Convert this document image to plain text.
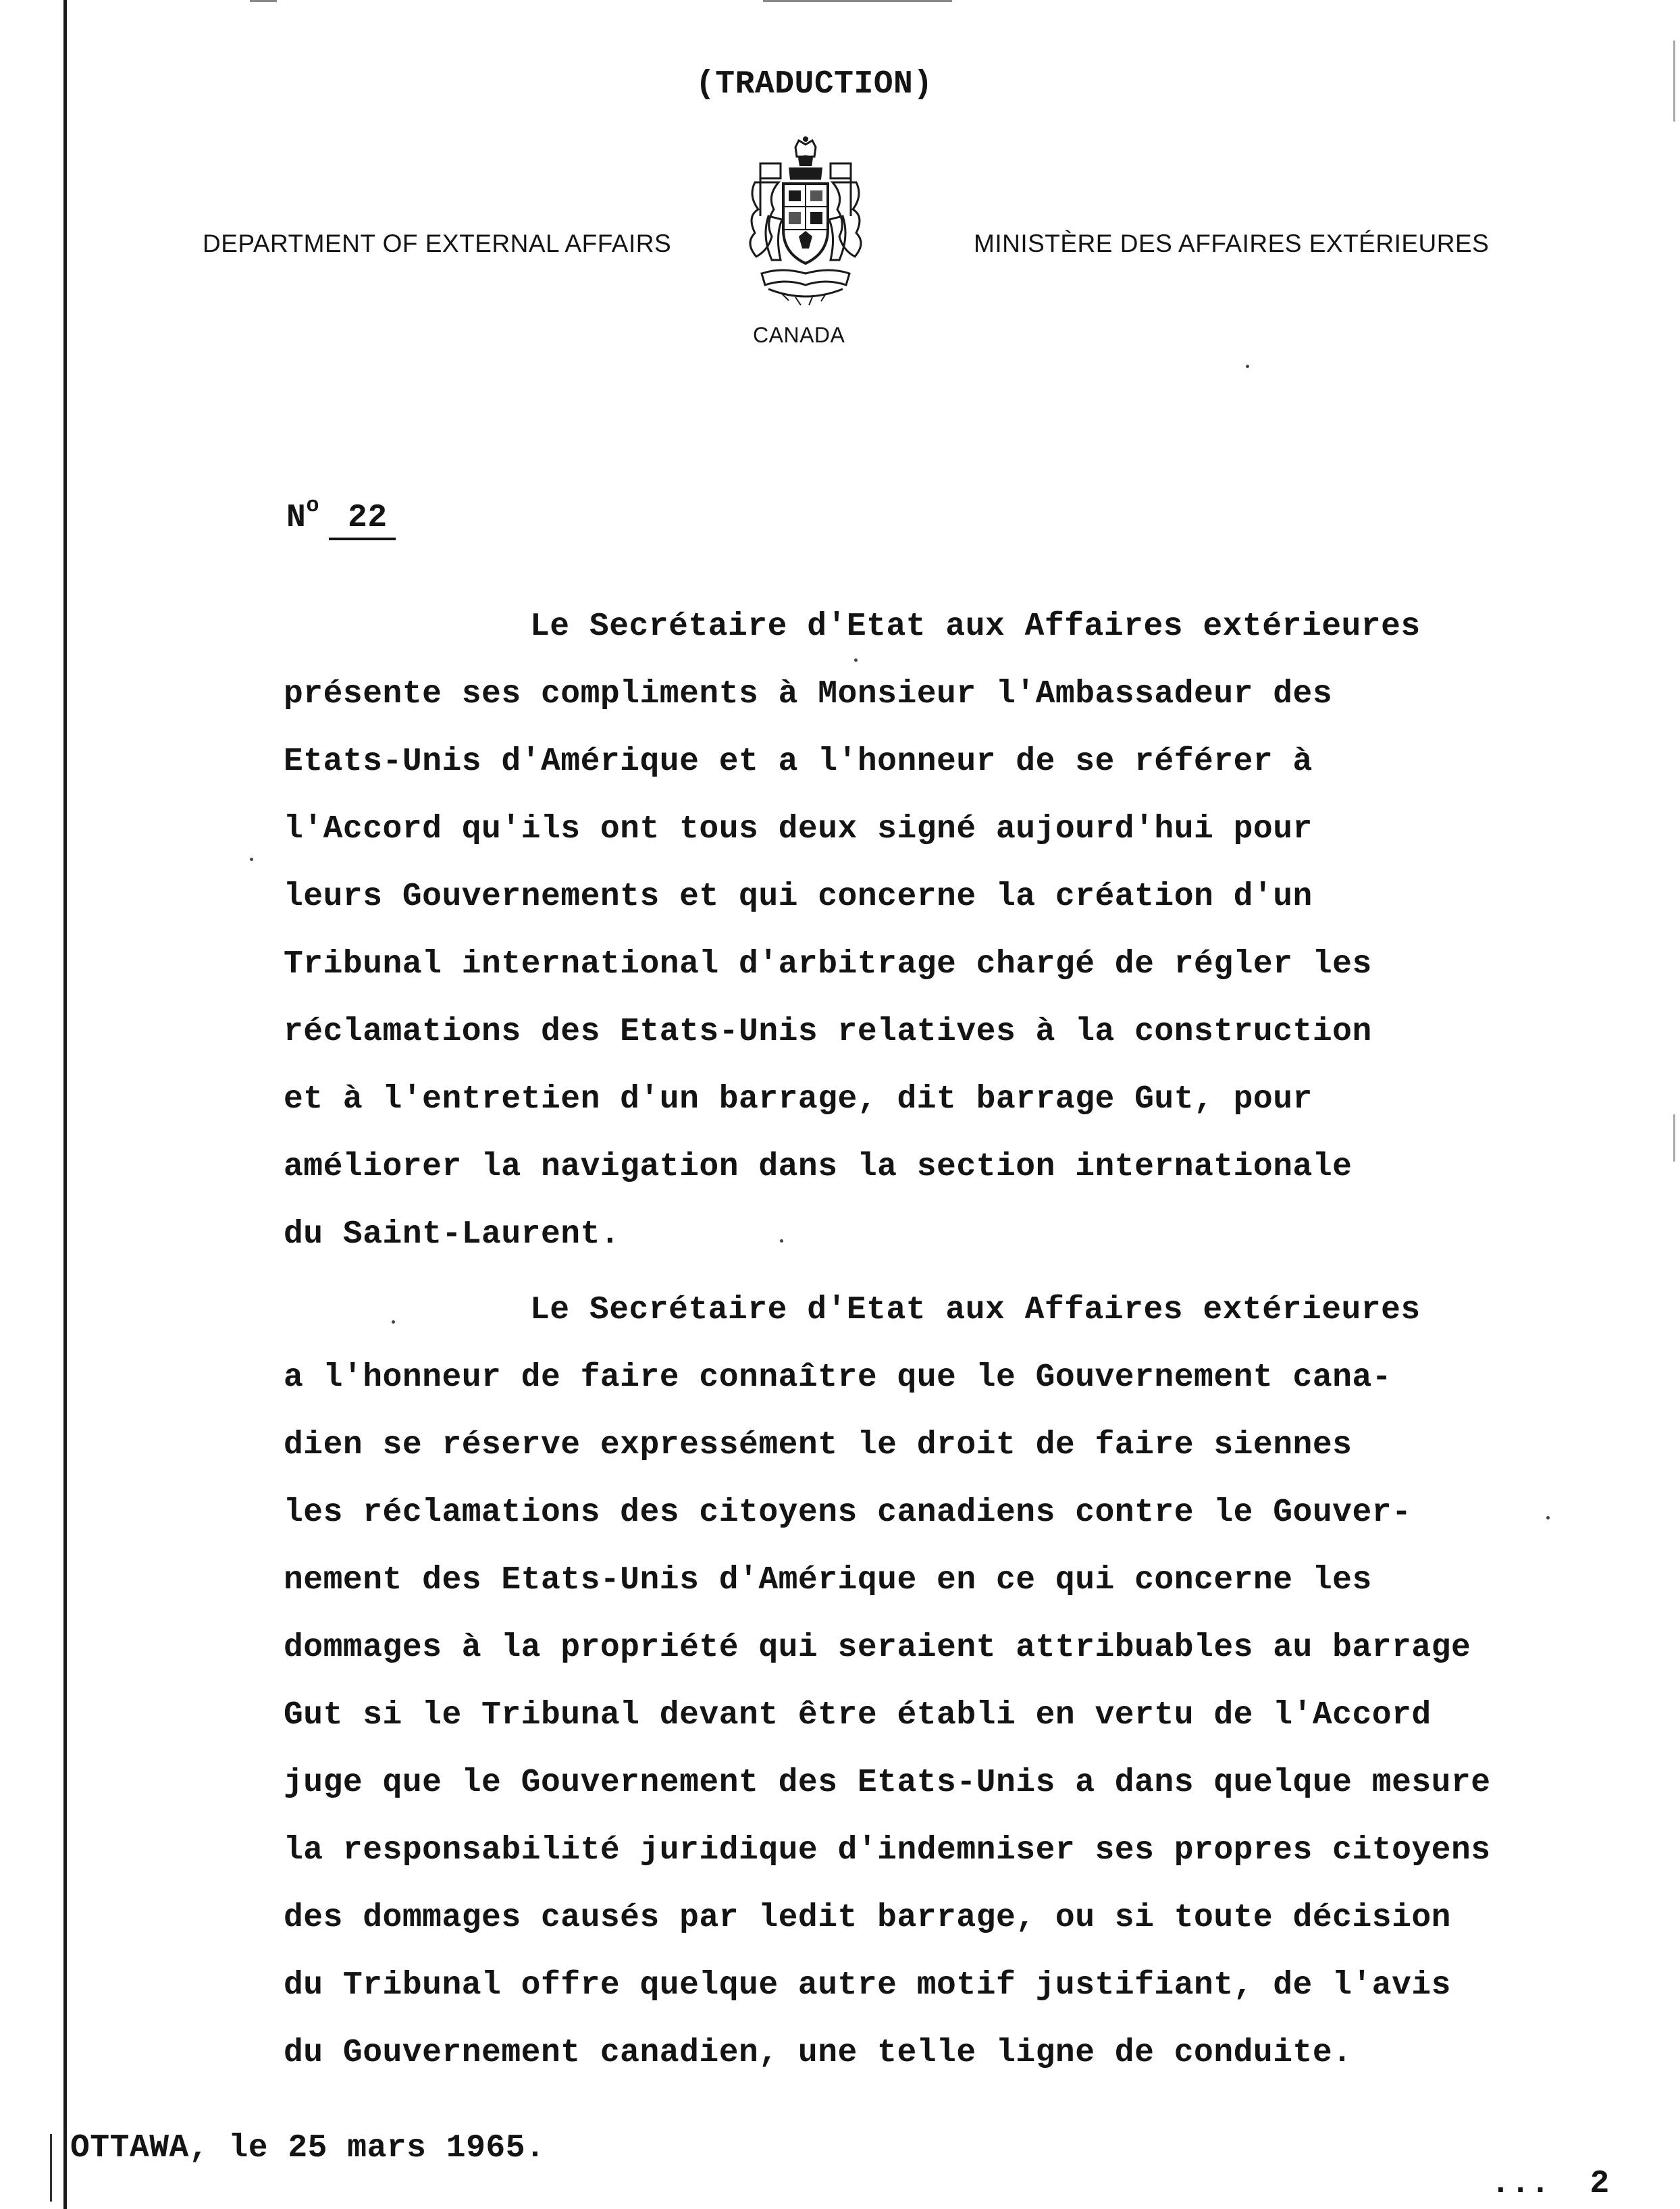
(TRADUCTION)
DEPARTMENT OF EXTERNAL AFFAIRS	MINISTÈRE DES AFFAIRES EXTÉRIEURES
CANADA
$N^o$ 22
Le Secrétaire d'Etat aux Affaires extérieures
présente ses compliments à Monsieur l'Ambassadeur des
Etats-Unis d'Amérique et a l'honneur de se référer à
l'Accord qu'ils ont tous deux signé aujourd'hui pour
leurs Gouvernements et qui concerne la création d'un
Tribunal international d'arbitrage chargé de régler les
réclamations des Etats-Unis relatives à la construction
et à l'entretien d'un barrage, dit barrage Gut, pour
améliorer la navigation dans la section internationale
du Saint-Laurent.
Le Secrétaire d'Etat aux Affaires extérieures
a l'honneur de faire connaître que le Gouvernement cana-
dien se réserve expressément le droit de faire siennes
les réclamations des citoyens canadiens contre le Gouver-
nement des Etats-Unis d'Amérique en ce qui concerne les
dommages à la propriété qui seraient attribuables au barrage
Gut si le Tribunal devant être établi en vertu de l'Accord
juge que le Gouvernement des Etats-Unis a dans quelque mesure
la responsabilité juridique d'indemniser ses propres citoyens
des dommages causés par ledit barrage, ou si toute décision
du Tribunal offre quelque autre motif justifiant, de l'avis
du Gouvernement canadien, une telle ligne de conduite.
OTTAWA, le 25 mars 1965.
...  2
